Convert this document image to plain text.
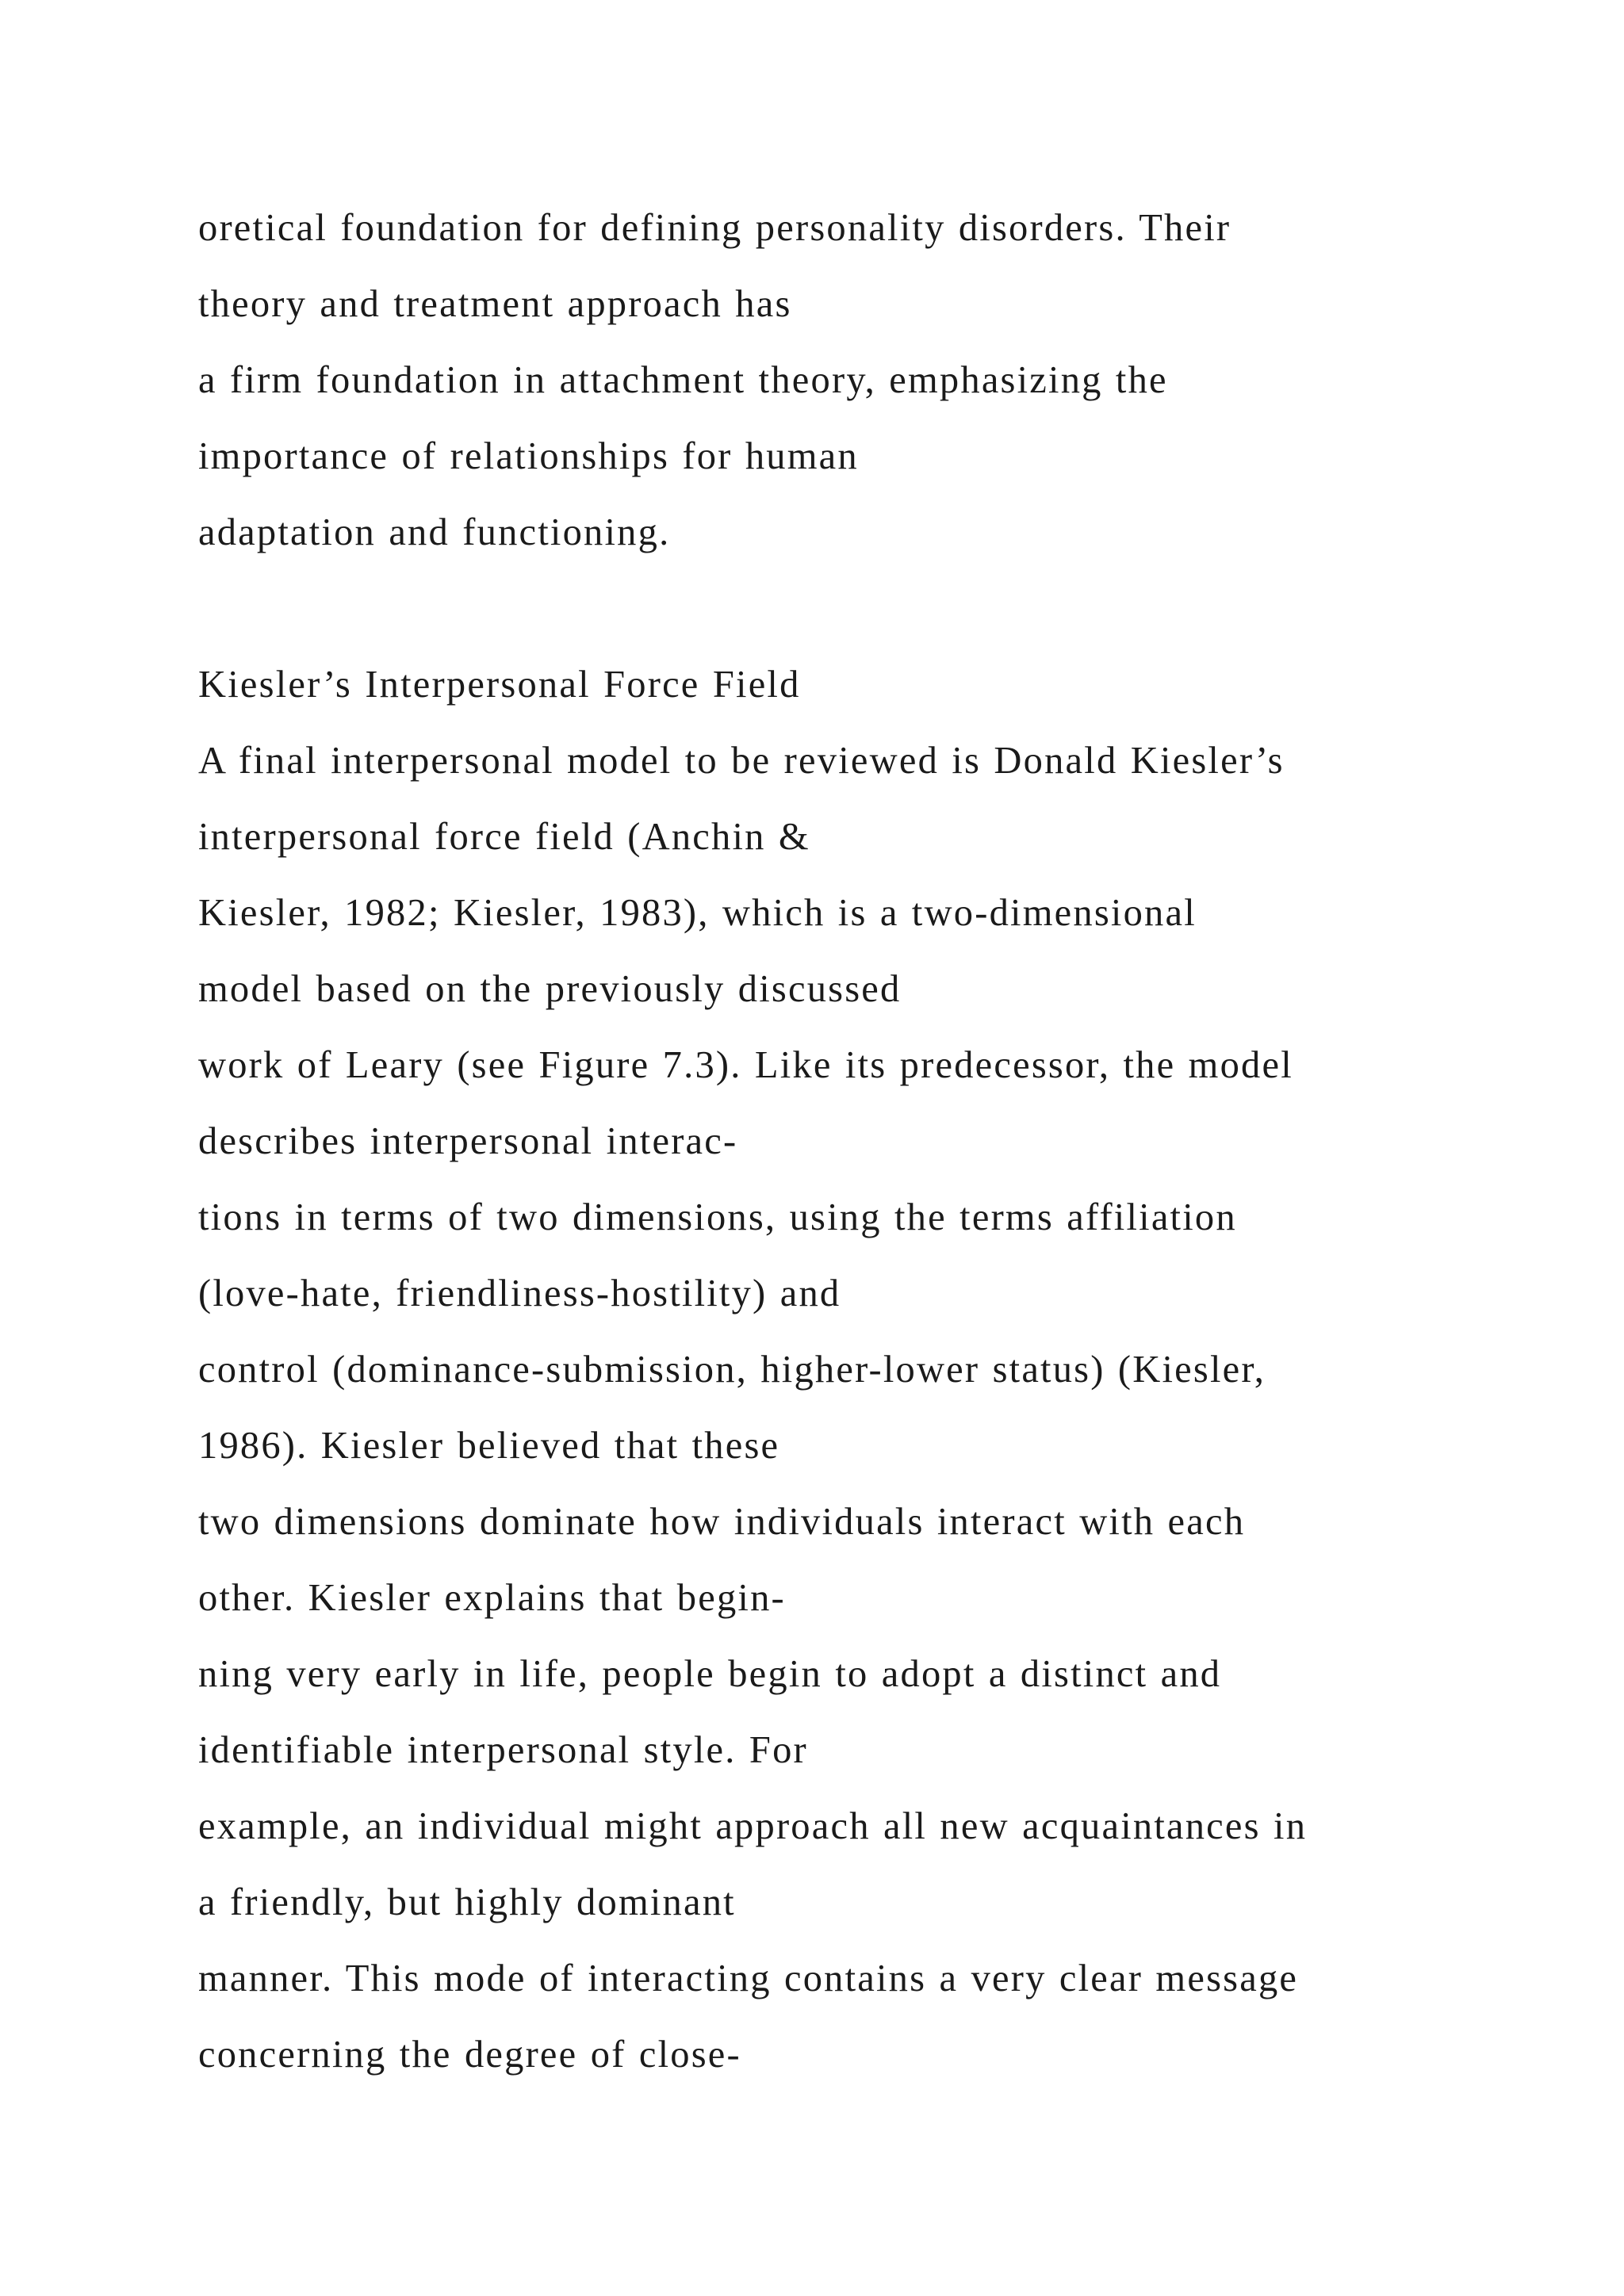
oretical foundation for defining personality disorders. Their
theory and treatment approach has
a firm foundation in attachment theory, emphasizing the
importance of relationships for human
adaptation and functioning.
Kiesler’s Interpersonal Force Field
A final interpersonal model to be reviewed is Donald Kiesler’s
interpersonal force field (Anchin &
Kiesler, 1982; Kiesler, 1983), which is a two-dimensional
model based on the previously discussed
work of Leary (see Figure 7.3). Like its predecessor, the model
describes interpersonal interac-
tions in terms of two dimensions, using the terms affiliation
(love-hate, friendliness-hostility) and
control (dominance-submission, higher-lower status) (Kiesler,
1986). Kiesler believed that these
two dimensions dominate how individuals interact with each
other. Kiesler explains that begin-
ning very early in life, people begin to adopt a distinct and
identifiable interpersonal style. For
example, an individual might approach all new acquaintances in
a friendly, but highly dominant
manner. This mode of interacting contains a very clear message
concerning the degree of close-
